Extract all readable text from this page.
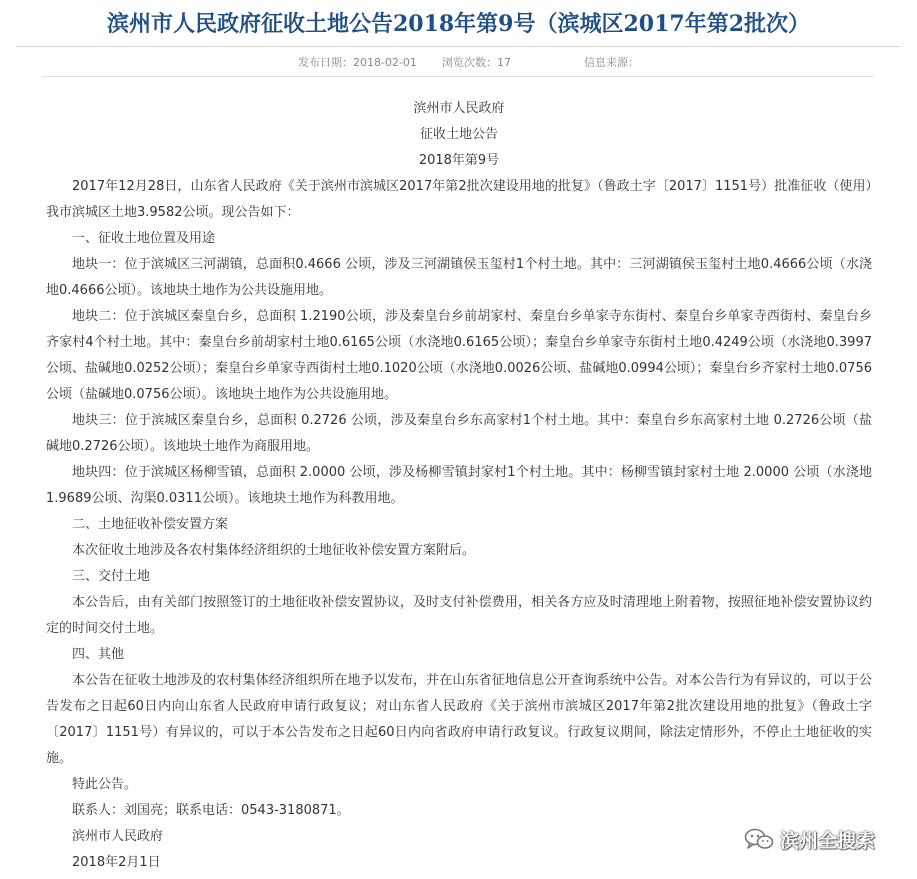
滨州市人民政府征收土地公告2018年第9号（滨城区2017年第2批次）
发布日期：2018-02-01 浏览次数：17	信息来源：

滨州市人民政府

征收土地公告

2018年第9号

2017年12月28日，山东省人民政府《关于滨州市滨城区2017年第2批次建设用地的批复》（鲁政土字〔2017〕1151号）批准征收（使用）我市滨城区土地3.9582公顷。现公告如下：

一、征收土地位置及用途

地块一：位于滨城区三河湖镇，总面积0.4666 公顷，涉及三河湖镇侯玉玺村1个村土地。其中：三河湖镇侯玉玺村土地0.4666公顷（水浇地0.4666公顷）。该地块土地作为公共设施用地。

地块二：位于滨城区秦皇台乡，总面积 1.2190公顷，涉及秦皇台乡前胡家村、秦皇台乡单家寺东街村、秦皇台乡单家寺西街村、秦皇台乡齐家村4个村土地。其中：秦皇台乡前胡家村土地0.6165公顷（水浇地0.6165公顷）；秦皇台乡单家寺东街村土地0.4249公顷（水浇地0.3997公顷、盐碱地0.0252公顷）；秦皇台乡单家寺西街村土地0.1020公顷（水浇地0.0026公顷、盐碱地0.0994公顷）；秦皇台乡齐家村土地0.0756公顷（盐碱地0.0756公顷）。该地块土地作为公共设施用地。

地块三：位于滨城区秦皇台乡，总面积 0.2726 公顷，涉及秦皇台乡东高家村1个村土地。其中：秦皇台乡东高家村土地 0.2726公顷（盐碱地0.2726公顷）。该地块土地作为商服用地。

地块四：位于滨城区杨柳雪镇，总面积 2.0000 公顷，涉及杨柳雪镇封家村1个村土地。其中：杨柳雪镇封家村土地 2.0000 公顷（水浇地1.9689公顷、沟渠0.0311公顷）。该地块土地作为科教用地。

二、土地征收补偿安置方案

本次征收土地涉及各农村集体经济组织的土地征收补偿安置方案附后。

三、交付土地

本公告后，由有关部门按照签订的土地征收补偿安置协议，及时支付补偿费用，相关各方应及时清理地上附着物，按照征地补偿安置协议约定的时间交付土地。

四、其他

本公告在征收土地涉及的农村集体经济组织所在地予以发布，并在山东省征地信息公开查询系统中公告。对本公告行为有异议的，可以于公告发布之日起60日内向山东省人民政府申请行政复议；对山东省人民政府《关于滨州市滨城区2017年第2批次建设用地的批复》（鲁政土字〔2017〕1151号）有异议的，可以于本公告发布之日起60日内向省政府申请行政复议。行政复议期间，除法定情形外，不停止土地征收的实施。

特此公告。

联系人：刘国亮；联系电话：0543-3180871。

滨州市人民政府

2018年2月1日

滨州全搜索
